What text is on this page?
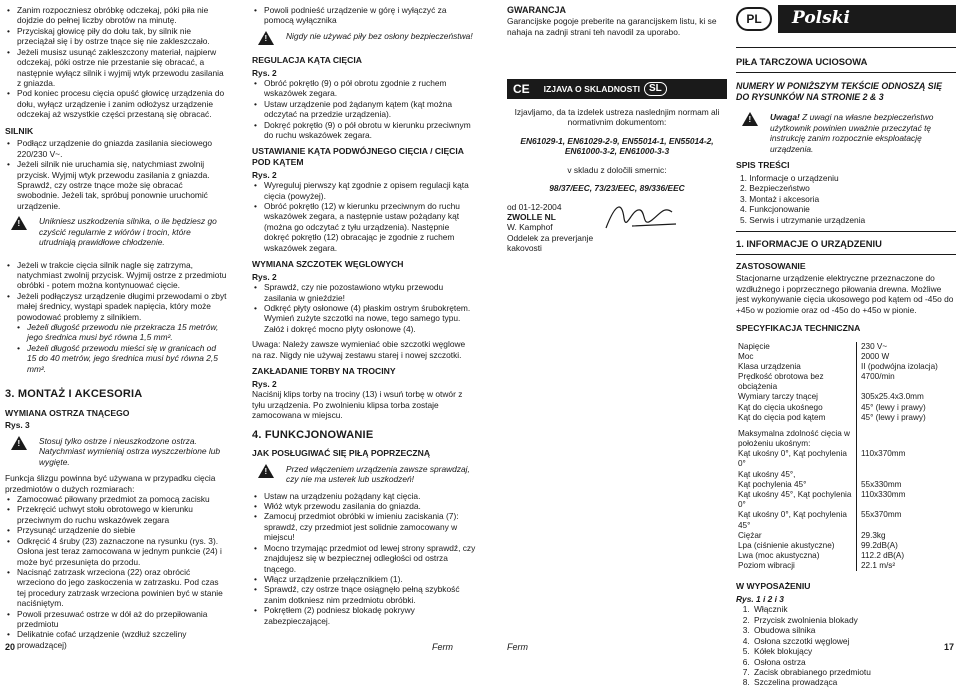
• Zanim rozpoczniesz obróbkę odczekaj, póki piła nie dojdzie do pełnej liczby obrotów na minutę.
• Przyciskaj głowicę piły do dołu tak, by silnik nie przeciążał się i by ostrze tnące się nie zakleszczało.
• Jeżeli musisz usunąć zakleszczony materiał, najpierw odczekaj, póki ostrze nie przestanie się obracać, a następnie wyłącz silnik i wyjmij wtyk przewodu zasilania z gniazda.
• Pod koniec procesu cięcia opuść głowicę urządzenia do dołu, wyłącz urządzenie i zanim odłożysz urządzenie odczekaj aż wszystkie części przestaną się obracać.
SILNIK
• Podłącz urządzenie do gniazda zasilania sieciowego 220/230 V~.
• Jeżeli silnik nie uruchamia się, natychmiast zwolnij przycisk. Wyjmij wtyk przewodu zasilania z gniazda. Sprawdź, czy ostrze tnące może się obracać swobodnie. Jeżeli tak, spróbuj ponownie uruchomić urządzenie.
!
Unikniesz uszkodzenia silnika, o ile będziesz go czyścić regularnie z wiórów i trocin, które utrudniają prawidłowe chłodzenie.
• Jeżeli w trakcie cięcia silnik nagle się zatrzyma, natychmiast zwolnij przycisk. Wyjmij ostrze z przedmiotu obróbki - potem można kontynuować cięcie.
• Jeżeli podłączysz urządzenie długimi przewodami o zbyt małej średnicy, wystąpi spadek napięcia, który może powodować problemy z silnikiem.
• Jeżeli długość przewodu nie przekracza 15 metrów, jego średnica musi być równa 1,5 mm².
• Jeżeli długość przewodu mieści się w granicach od 15 do 40 metrów, jego średnica musi być równa 2,5 mm².
3. MONTAŻ I AKCESORIA
WYMIANA OSTRZA TNĄCEGO
Rys. 3
!
Stosuj tylko ostrze i nieuszkodzone ostrza. Natychmiast wymieniaj ostrza wyszczerbione lub wygięte.

Funkcja ślizgu powinna być używana w przypadku cięcia przedmiotów o dużych rozmiarach:

• Zamocować piłowany przedmiot za pomocą zacisku
• Przekręcić uchwyt stołu obrotowego w kierunku przeciwnym do ruchu wskazówek zegara
• Przysunąć urządzenie do siebie
• Odkręcić 4 śruby (23) zaznaczone na rysunku (rys. 3). Osłona jest teraz zamocowana w jednym punkcie (24) i może być przesunięta do przodu.
• Nacisnąć zatrzask wrzeciona (22) oraz obrócić wrzeciono do jego zaskoczenia w zatrzasku. Pod czas tej procedury zatrzask wrzeciona powinien być w stanie naciśniętym.
• Powoli przesuwać ostrze w dół aż do przepiłowania przedmiotu
• Delikatnie cofać urządzenie (wzdłuż szczeliny prowadzącej)
• Powoli podnieść urządzenie w górę i wyłączyć za pomocą wyłącznika
!
Nigdy nie używać piły bez osłony bezpieczeństwa!
REGULACJA KĄTA CIĘCIA
Rys. 2
• Obróć pokrętło (9) o pół obrotu zgodnie z ruchem wskazówek zegara.
• Ustaw urządzenie pod żądanym kątem (kąt można odczytać na przedzie urządzenia).
• Dokręć pokrętło (9) o pół obrotu w kierunku przeciwnym do ruchu wskazówek zegara.
USTAWIANIE KĄTA PODWÓJNEGO CIĘCIA / CIĘCIA POD KĄTEM
Rys. 2
• Wyreguluj pierwszy kąt zgodnie z opisem regulacji kąta cięcia (powyżej).
• Obróć pokrętło (12) w kierunku przeciwnym do ruchu wskazówek zegara, a następnie ustaw pożądany kąt (można go odczytać z tyłu urządzenia). Następnie dokręć pokrętło (12) obracając je zgodnie z ruchem wskazówek zegara.
WYMIANA SZCZOTEK WĘGLOWYCH
Rys. 2
• Sprawdź, czy nie pozostawiono wtyku przewodu zasilania w gnieździe!
• Odkręć płyty osłonowe (4) płaskim ostrym śrubokrętem. Wymień zużyte szczotki na nowe, tego samego typu. Załóż i dokręć mocno płyty osłonowe (4).

Uwaga: Należy zawsze wymieniać obie szczotki węglowe na raz. Nigdy nie używaj zestawu starej i nowej szczotki.

ZAKŁADANIE TORBY NA TROCINY
Rys. 2

Naciśnij klips torby na trociny (13) i wsuń torbę w otwór z tyłu urządzenia. Po zwolnieniu klipsa torba zostaje zamocowana w miejscu.

4. FUNKCJONOWANIE
JAK POSŁUGIWAĆ SIĘ PIŁĄ POPRZECZNĄ
!
Przed włączeniem urządzenia zawsze sprawdzaj, czy nie ma usterek lub uszkodzeń!
• Ustaw na urządzeniu pożądany kąt cięcia.
• Włóż wtyk przewodu zasilania do gniazda.
• Zamocuj przedmiot obróbki w imieniu zaciskania (7): sprawdź, czy przedmiot jest solidnie zamocowany w miejscu!
• Mocno trzymając przedmiot od lewej strony sprawdź, czy znajdujesz się w bezpiecznej odległości od ostrza tnącego.
• Włącz urządzenie przełącznikiem (1).
• Sprawdź, czy ostrze tnące osiągnęło pełną szybkość zanim dotkniesz nim przedmiotu obróbki.
• Pokrętłem (2) podniesz blokadę pokrywy zabezpieczającej.
GWARANCJA

Garancijske pogoje preberite na garancijskem listu, ki se nahaja na zadnji strani teh navodil za uporabo.

CE IZJAVA O SKLADNOSTI SL

Izjavljamo, da ta izdelek ustreza naslednjim normam ali normativnim dokumentom:

EN61029-1, EN61029-2-9, EN55014-1, EN55014-2, EN61000-3-2, EN61000-3-3

v skladu z določili smernic:

98/37/EEC, 73/23/EEC, 89/336/EEC

od 01-12-2004
ZWOLLE NL
W. Kamphof
Oddelek za preverjanje kakovosti
PL	Polski
PIŁA TARCZOWA UCIOSOWA

NUMERY W PONIŻSZYM TEKŚCIE ODNOSZĄ SIĘ DO RYSUNKÓW NA STRONIE 2 & 3

!
Uwaga! Z uwagi na własne bezpieczeństwo użytkownik powinien uważnie przeczytać tę instrukcję zanim rozpocznie eksploatację urządzenia.
SPIS TREŚCI
1. Informacje o urządzeniu
2. Bezpieczeństwo
3. Montaż i akcesoria
4. Funkcjonowanie
5. Serwis i utrzymanie urządzenia
1. INFORMACJE O URZĄDZENIU
ZASTOSOWANIE

Stacjonarne urządzenie elektryczne przeznaczone do wzdłużnego i poprzecznego piłowania drewna. Możliwe jest wykonywanie cięcia ukosowego pod kątem od -45o do +45o w poziomie oraz od -45o do +45o w pionie.

SPECYFIKACJA TECHNICZNA
Napięcie	230 V~
Moc	2000 W
Klasa urządzenia	II (podwójna izolacja)
Prędkość obrotowa bez obciążenia	4700/min
Wymiary tarczy tnącej	305x25.4x3.0mm
Kąt do cięcia ukośnego	45° (lewy i prawy)
Kąt do cięcia pod kątem	45° (lewy i prawy)

Maksymalna zdolność cięcia w położeniu ukośnym:	
Kąt ukośny 0°, Kąt pochylenia 0°	110x370mm
Kąt ukośny 45°,	
Kąt pochylenia 45°	55x330mm
Kąt ukośny 45°, Kąt pochylenia 0°	110x330mm
Kąt ukośny 0°, Kąt pochylenia 45°	55x370mm
Ciężar	29.3kg
Lpa (ciśnienie akustyczne)	99.2dB(A)
Lwa (moc akustyczna)	112.2 dB(A)
Poziom wibracji	22.1 m/s²
W WYPOSAŻENIU
Rys. 1 i 2 i 3
1. Włącznik
2. Przycisk zwolnienia blokady
3. Obudowa silnika
4. Osłona szczotki węglowej
5. Kółek blokujący
6. Osłona ostrza
7. Zacisk obrabianego przedmiotu
8. Szczelina prowadząca
20	Ferm	Ferm	17
